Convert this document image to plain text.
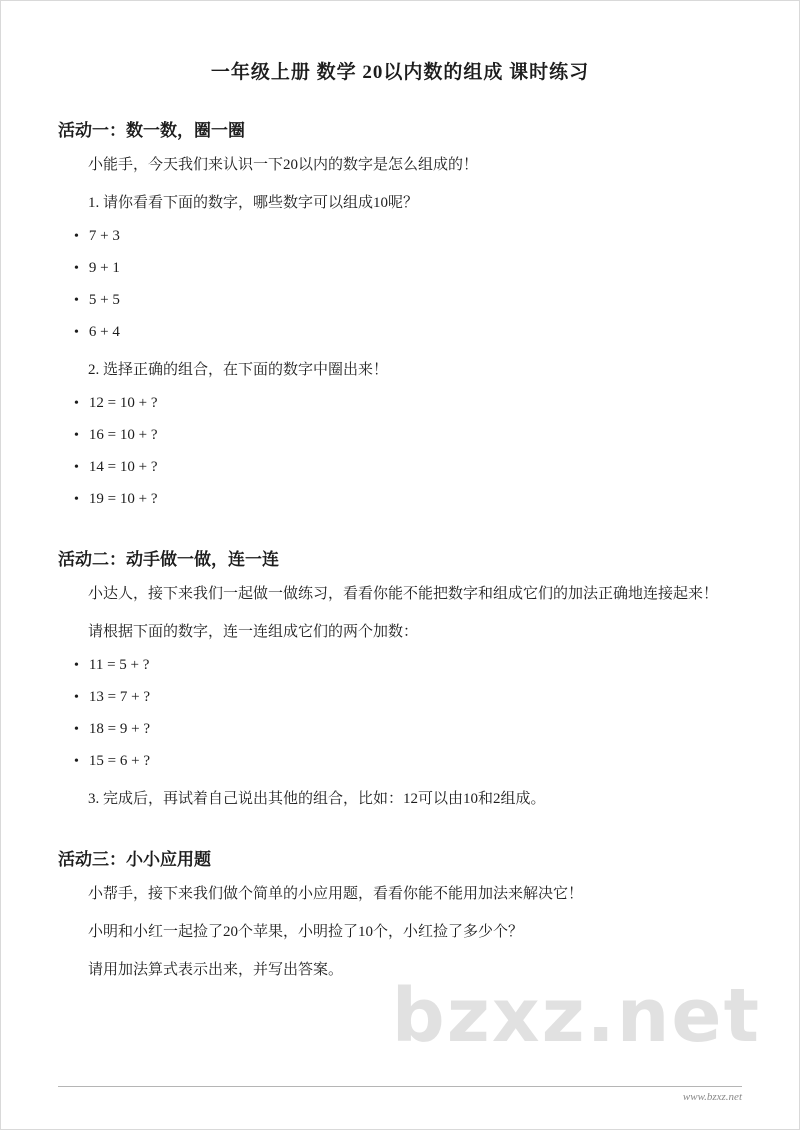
一年级上册 数学 20以内数的组成 课时练习
活动一：数一数，圈一圈

小能手，今天我们来认识一下20以内的数字是怎么组成的！

1. 请你看看下面的数字，哪些数字可以组成10呢？

• 7 + 3
• 9 + 1
• 5 + 5
• 6 + 4

2. 选择正确的组合，在下面的数字中圈出来！

• 12 = 10 + ?
• 16 = 10 + ?
• 14 = 10 + ?
• 19 = 10 + ?
活动二：动手做一做，连一连

小达人，接下来我们一起做一做练习，看看你能不能把数字和组成它们的加法正确地连接起来！

请根据下面的数字，连一连组成它们的两个加数：

• 11 = 5 + ?
• 13 = 7 + ?
• 18 = 9 + ?
• 15 = 6 + ?

3. 完成后，再试着自己说出其他的组合，比如：12可以由10和2组成。

活动三：小小应用题

小帮手，接下来我们做个简单的小应用题，看看你能不能用加法来解决它！

小明和小红一起捡了20个苹果，小明捡了10个，小红捡了多少个？

请用加法算式表示出来，并写出答案。

bzxz.net
www.bzxz.net
